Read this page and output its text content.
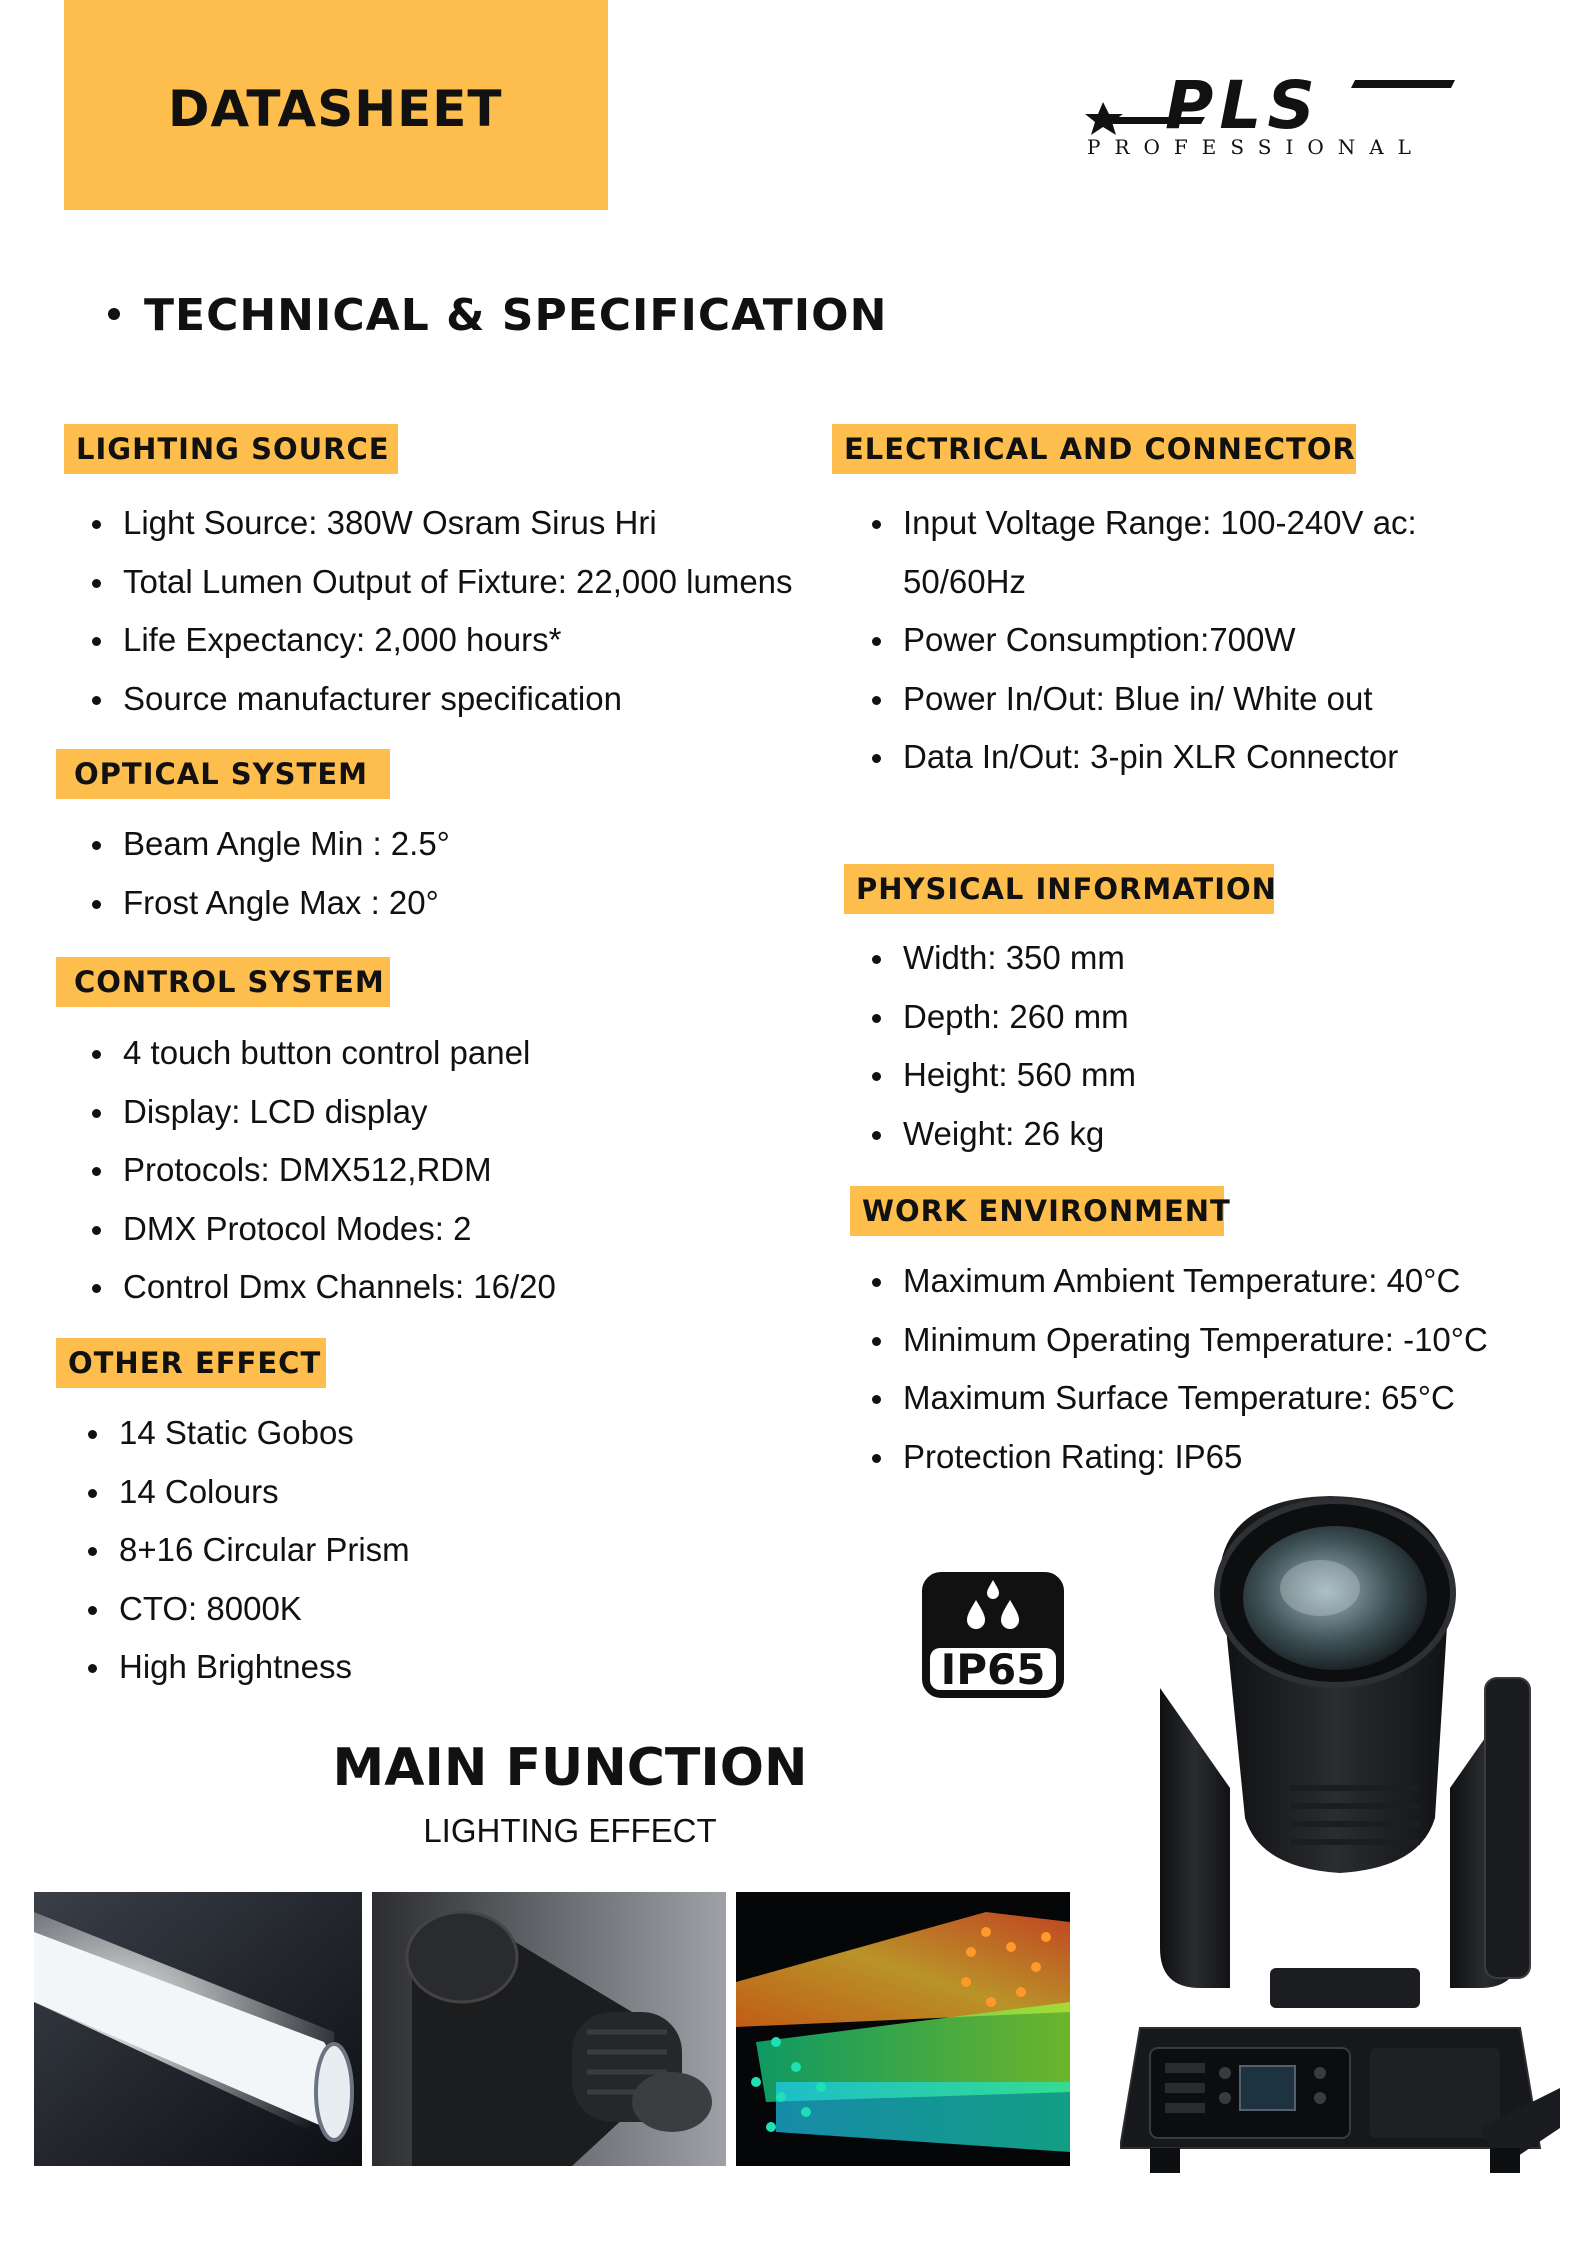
DATASHEET	PLS
PROFESSIONAL
TECHNICAL & SPECIFICATION
LIGHTING SOURCE
Light Source: 380W Osram Sirus Hri
Total Lumen Output of Fixture: 22,000 lumens
Life Expectancy: 2,000 hours*
Source manufacturer specification
OPTICAL SYSTEM
Beam Angle Min : 2.5°
Frost Angle Max : 20°
CONTROL SYSTEM
4 touch button control panel
Display: LCD display
Protocols: DMX512,RDM
DMX Protocol Modes: 2
Control Dmx Channels: 16/20
OTHER EFFECT
14 Static Gobos
14 Colours
8+16 Circular Prism
CTO: 8000K
High Brightness
ELECTRICAL AND CONNECTOR
Input Voltage Range: 100-240V ac:
50/60Hz
Power Consumption:700W
Power In/Out: Blue in/ White out
Data In/Out: 3-pin XLR Connector
PHYSICAL INFORMATION
Width: 350 mm
Depth: 260 mm
Height: 560 mm
Weight: 26 kg
WORK ENVIRONMENT
Maximum Ambient Temperature: 40°C
Minimum Operating Temperature: -10°C
Maximum Surface Temperature: 65°C
Protection Rating: IP65
IP65
MAIN FUNCTION
LIGHTING EFFECT
